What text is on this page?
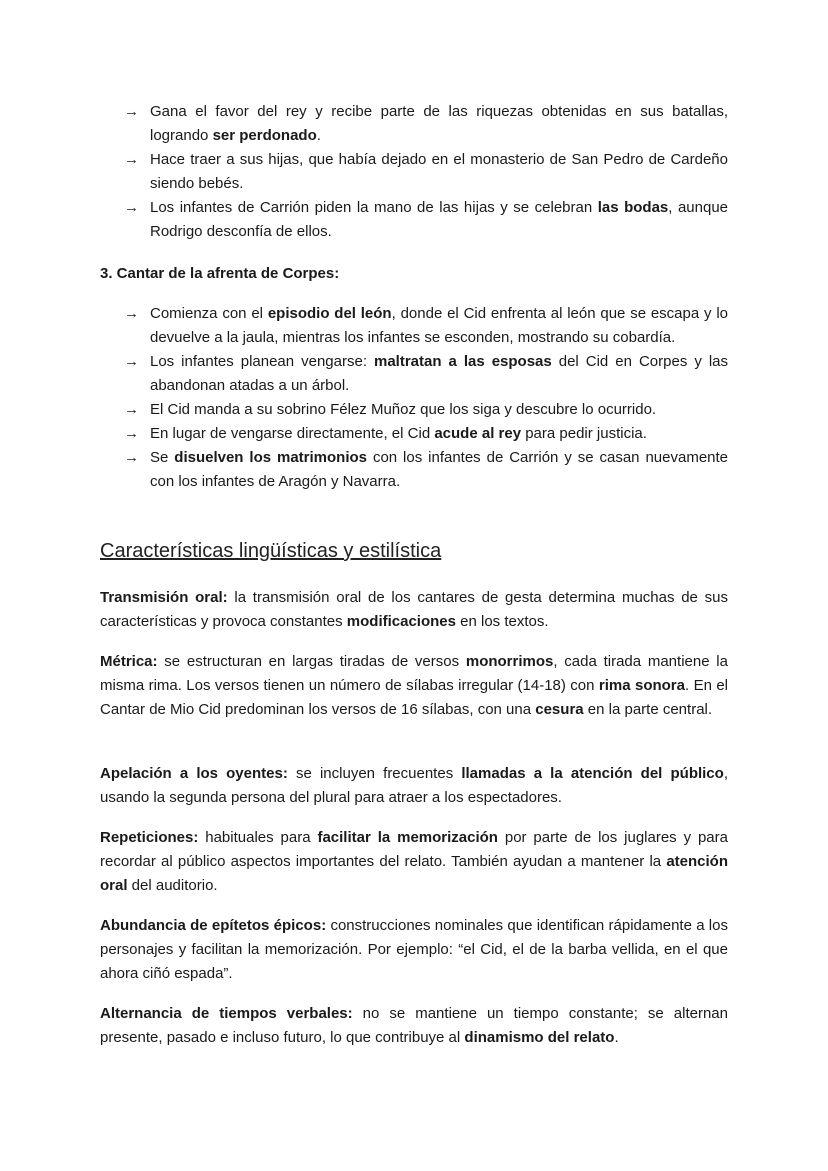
→ Gana el favor del rey y recibe parte de las riquezas obtenidas en sus batallas, logrando ser perdonado.

→ Hace traer a sus hijas, que había dejado en el monasterio de San Pedro de Cardeño siendo bebés.

→ Los infantes de Carrión piden la mano de las hijas y se celebran las bodas, aunque Rodrigo desconfía de ellos.

3. Cantar de la afrenta de Corpes:

→ Comienza con el episodio del león, donde el Cid enfrenta al león que se escapa y lo devuelve a la jaula, mientras los infantes se esconden, mostrando su cobardía.

→ Los infantes planean vengarse: maltratan a las esposas del Cid en Corpes y las abandonan atadas a un árbol.

→ El Cid manda a su sobrino Félez Muñoz que los siga y descubre lo ocurrido.

→ En lugar de vengarse directamente, el Cid acude al rey para pedir justicia.

→ Se disuelven los matrimonios con los infantes de Carrión y se casan nuevamente con los infantes de Aragón y Navarra.

Características lingüísticas y estilística

Transmisión oral: la transmisión oral de los cantares de gesta determina muchas de sus características y provoca constantes modificaciones en los textos.

Métrica: se estructuran en largas tiradas de versos monorrimos, cada tirada mantiene la misma rima. Los versos tienen un número de sílabas irregular (14-18) con rima sonora. En el Cantar de Mio Cid predominan los versos de 16 sílabas, con una cesura en la parte central.

Apelación a los oyentes: se incluyen frecuentes llamadas a la atención del público, usando la segunda persona del plural para atraer a los espectadores.

Repeticiones: habituales para facilitar la memorización por parte de los juglares y para recordar al público aspectos importantes del relato. También ayudan a mantener la atención oral del auditorio.

Abundancia de epítetos épicos: construcciones nominales que identifican rápidamente a los personajes y facilitan la memorización. Por ejemplo: “el Cid, el de la barba vellida, en el que ahora ciñó espada”.

Alternancia de tiempos verbales: no se mantiene un tiempo constante; se alternan presente, pasado e incluso futuro, lo que contribuye al dinamismo del relato.
